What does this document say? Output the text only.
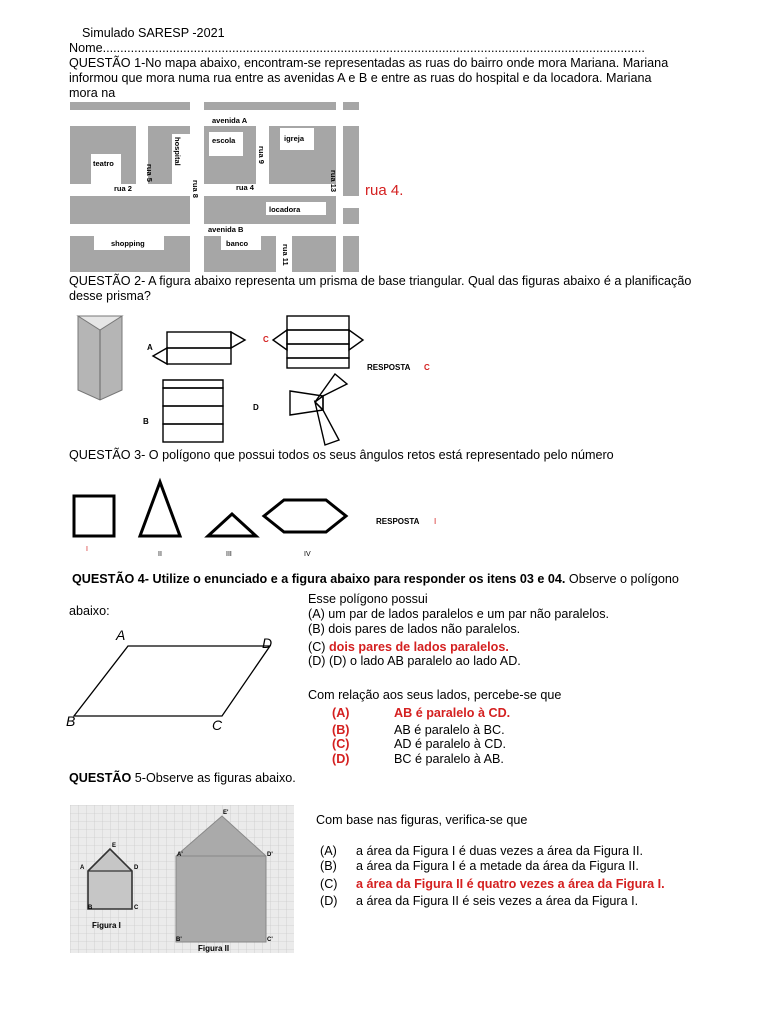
Simulado SARESP -2021
Nome...........................................................................................................................................................
QUESTÃO 1-No mapa abaixo, encontram-se representadas as ruas do bairro onde mora Mariana. Mariana
informou que mora numa rua entre as avenidas A e B e entre as ruas do hospital e da locadora. Mariana
mora na
teatro
rua 2
rua 5
hospital
rua 8
avenida A
escola
rua 9
igreja
rua 4	rua 13
locadora
avenida B
shopping	banco
rua 11
rua 4.
QUESTÃO 2- A figura abaixo representa um prisma de base triangular. Qual das figuras abaixo é a planificação
desse prisma?
A
C
B
D
RESPOSTA C
QUESTÃO 3- O polígono que possui todos os seus ângulos retos está representado pelo número
I
II	III	IV
RESPOSTA I
QUESTÃO 4- Utilize o enunciado e a figura abaixo para responder os itens 03 e 04. Observe o polígono
abaixo:
A	D
B	C
Esse polígono possui
(A) um par de lados paralelos e um par não paralelos.
(B) dois pares de lados não paralelos.
(C) dois pares de lados paralelos.
(D) (D) o lado AB paralelo ao lado AD.
Com relação aos seus lados, percebe-se que
(A)	AB é paralelo à CD.
(B)	AB é paralelo à BC.
(C)	AD é paralelo à CD.
(D)	BC é paralelo à AB.
QUESTÃO 5-Observe as figuras abaixo.
E
A	D
B	C
E'
A'	D'
B'	C'
Figura I
Figura II
Com base nas figuras, verifica-se que
(A) a área da Figura I é duas vezes a área da Figura II.
(B) a área da Figura I é a metade da área da Figura II.
(C) a área da Figura II é quatro vezes a área da Figura I.
(D) a área da Figura II é seis vezes a área da Figura I.
